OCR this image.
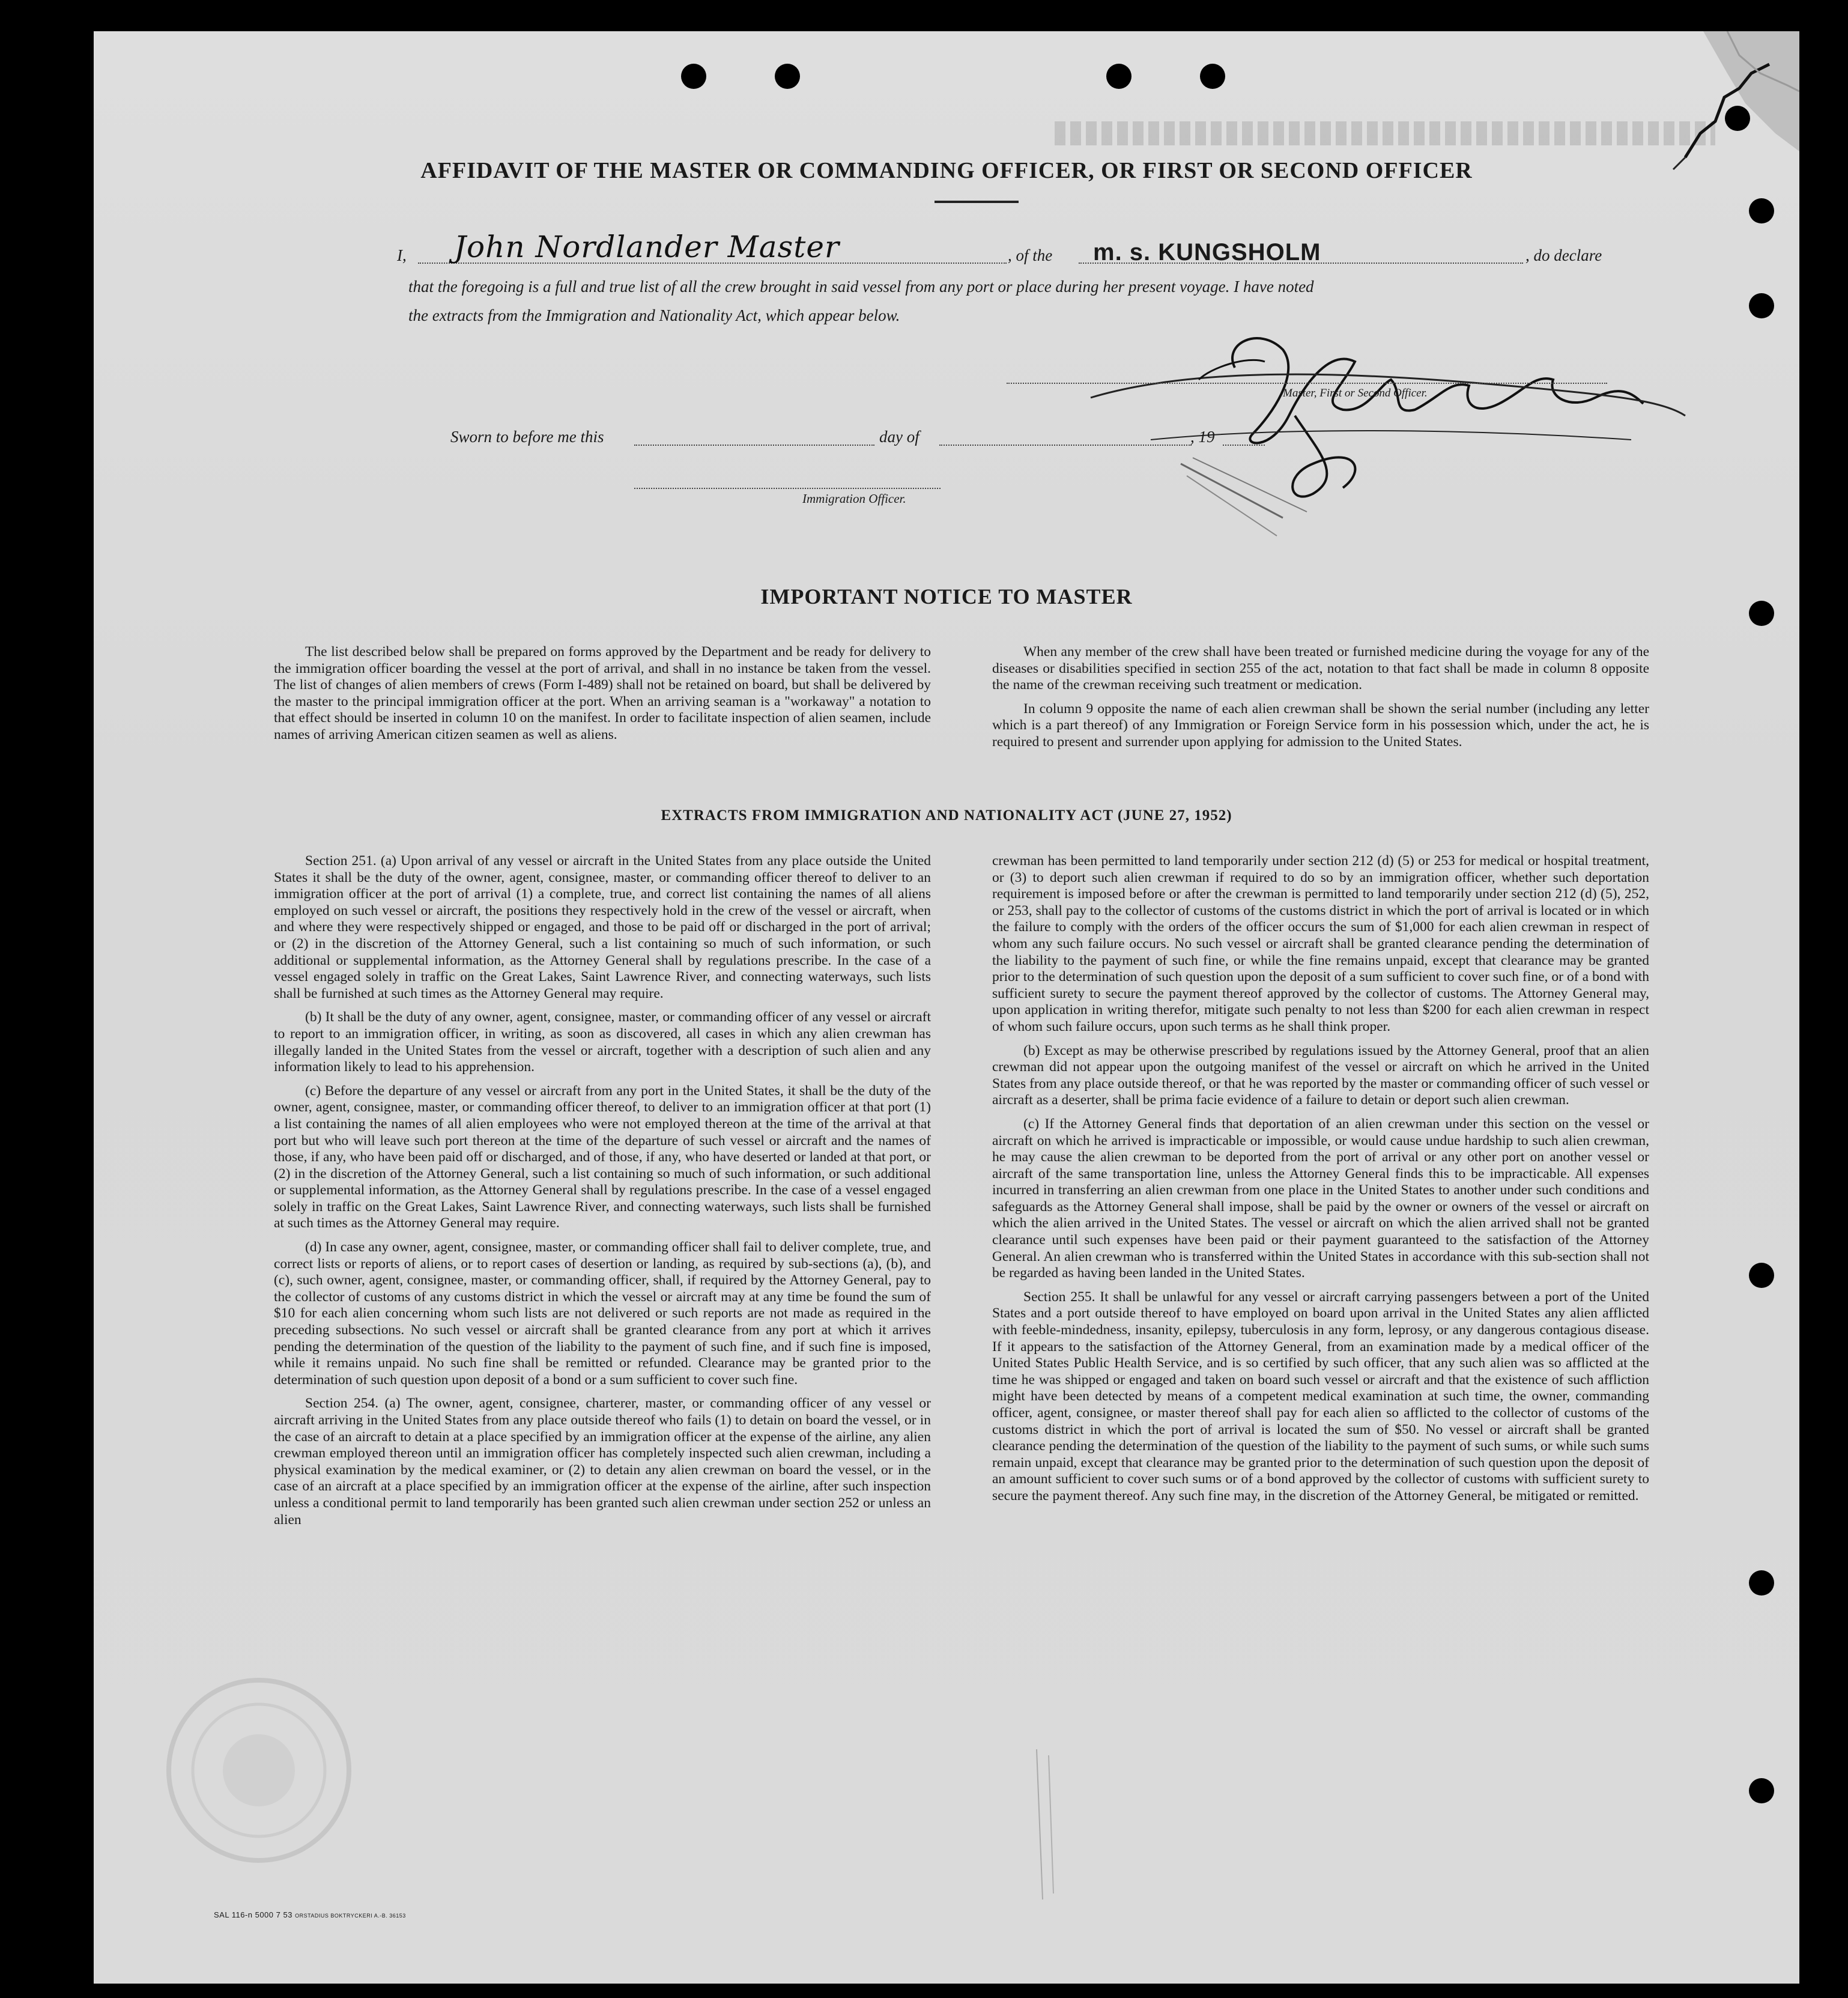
AFFIDAVIT OF THE MASTER OR COMMANDING OFFICER, OR FIRST OR SECOND OFFICER
I, John Nordlander Master	, of the m. s. KUNGSHOLM	, do declare
that the foregoing is a full and true list of all the crew brought in said vessel from any port or place during her present voyage. I have noted
the extracts from the Immigration and Nationality Act, which appear below.
Master, First or Second Officer.
Sworn to before me this	day of	, 19
Immigration Officer.
IMPORTANT NOTICE TO MASTER

The list described below shall be prepared on forms approved by the Department and be ready for delivery to the immigration officer boarding the vessel at the port of arrival, and shall in no instance be taken from the vessel. The list of changes of alien members of crews (Form I-489) shall not be retained on board, but shall be delivered by the master to the principal immigration officer at the port. When an arriving seaman is a "workaway" a notation to that effect should be inserted in column 10 on the manifest. In order to facilitate inspection of alien seamen, include names of arriving American citizen seamen as well as aliens.

When any member of the crew shall have been treated or furnished medicine during the voyage for any of the diseases or disabilities specified in section 255 of the act, notation to that fact shall be made in column 8 opposite the name of the crewman receiving such treatment or medication.

In column 9 opposite the name of each alien crewman shall be shown the serial number (including any letter which is a part thereof) of any Immigration or Foreign Service form in his possession which, under the act, he is required to present and surrender upon applying for admission to the United States.

EXTRACTS FROM IMMIGRATION AND NATIONALITY ACT (JUNE 27, 1952)

Section 251. (a) Upon arrival of any vessel or aircraft in the United States from any place outside the United States it shall be the duty of the owner, agent, consignee, master, or commanding officer thereof to deliver to an immigration officer at the port of arrival (1) a complete, true, and correct list containing the names of all aliens employed on such vessel or aircraft, the positions they respectively hold in the crew of the vessel or aircraft, when and where they were respectively shipped or engaged, and those to be paid off or discharged in the port of arrival; or (2) in the discretion of the Attorney General, such a list containing so much of such information, or such additional or supplemental information, as the Attorney General shall by regulations prescribe. In the case of a vessel engaged solely in traffic on the Great Lakes, Saint Lawrence River, and connecting waterways, such lists shall be furnished at such times as the Attorney General may require.

(b) It shall be the duty of any owner, agent, consignee, master, or commanding officer of any vessel or aircraft to report to an immigration officer, in writing, as soon as discovered, all cases in which any alien crewman has illegally landed in the United States from the vessel or aircraft, together with a description of such alien and any information likely to lead to his apprehension.

(c) Before the departure of any vessel or aircraft from any port in the United States, it shall be the duty of the owner, agent, consignee, master, or commanding officer thereof, to deliver to an immigration officer at that port (1) a list containing the names of all alien employees who were not employed thereon at the time of the arrival at that port but who will leave such port thereon at the time of the departure of such vessel or aircraft and the names of those, if any, who have been paid off or discharged, and of those, if any, who have deserted or landed at that port, or (2) in the discretion of the Attorney General, such a list containing so much of such information, or such additional or supplemental information, as the Attorney General shall by regulations prescribe. In the case of a vessel engaged solely in traffic on the Great Lakes, Saint Lawrence River, and connecting waterways, such lists shall be furnished at such times as the Attorney General may require.

(d) In case any owner, agent, consignee, master, or commanding officer shall fail to deliver complete, true, and correct lists or reports of aliens, or to report cases of desertion or landing, as required by sub-sections (a), (b), and (c), such owner, agent, consignee, master, or commanding officer, shall, if required by the Attorney General, pay to the collector of customs of any customs district in which the vessel or aircraft may at any time be found the sum of $10 for each alien concerning whom such lists are not delivered or such reports are not made as required in the preceding subsections. No such vessel or aircraft shall be granted clearance from any port at which it arrives pending the determination of the question of the liability to the payment of such fine, and if such fine is imposed, while it remains unpaid. No such fine shall be remitted or refunded. Clearance may be granted prior to the determination of such question upon deposit of a bond or a sum sufficient to cover such fine.

Section 254. (a) The owner, agent, consignee, charterer, master, or commanding officer of any vessel or aircraft arriving in the United States from any place outside thereof who fails (1) to detain on board the vessel, or in the case of an aircraft to detain at a place specified by an immigration officer at the expense of the airline, any alien crewman employed thereon until an immigration officer has completely inspected such alien crewman, including a physical examination by the medical examiner, or (2) to detain any alien crewman on board the vessel, or in the case of an aircraft at a place specified by an immigration officer at the expense of the airline, after such inspection unless a conditional permit to land temporarily has been granted such alien crewman under section 252 or unless an alien

crewman has been permitted to land temporarily under section 212 (d) (5) or 253 for medical or hospital treatment, or (3) to deport such alien crewman if required to do so by an immigration officer, whether such deportation requirement is imposed before or after the crewman is permitted to land temporarily under section 212 (d) (5), 252, or 253, shall pay to the collector of customs of the customs district in which the port of arrival is located or in which the failure to comply with the orders of the officer occurs the sum of $1,000 for each alien crewman in respect of whom any such failure occurs. No such vessel or aircraft shall be granted clearance pending the determination of the liability to the payment of such fine, or while the fine remains unpaid, except that clearance may be granted prior to the determination of such question upon the deposit of a sum sufficient to cover such fine, or of a bond with sufficient surety to secure the payment thereof approved by the collector of customs. The Attorney General may, upon application in writing therefor, mitigate such penalty to not less than $200 for each alien crewman in respect of whom such failure occurs, upon such terms as he shall think proper.

(b) Except as may be otherwise prescribed by regulations issued by the Attorney General, proof that an alien crewman did not appear upon the outgoing manifest of the vessel or aircraft on which he arrived in the United States from any place outside thereof, or that he was reported by the master or commanding officer of such vessel or aircraft as a deserter, shall be prima facie evidence of a failure to detain or deport such alien crewman.

(c) If the Attorney General finds that deportation of an alien crewman under this section on the vessel or aircraft on which he arrived is impracticable or impossible, or would cause undue hardship to such alien crewman, he may cause the alien crewman to be deported from the port of arrival or any other port on another vessel or aircraft of the same transportation line, unless the Attorney General finds this to be impracticable. All expenses incurred in transferring an alien crewman from one place in the United States to another under such conditions and safeguards as the Attorney General shall impose, shall be paid by the owner or owners of the vessel or aircraft on which the alien arrived in the United States. The vessel or aircraft on which the alien arrived shall not be granted clearance until such expenses have been paid or their payment guaranteed to the satisfaction of the Attorney General. An alien crewman who is transferred within the United States in accordance with this sub-section shall not be regarded as having been landed in the United States.

Section 255. It shall be unlawful for any vessel or aircraft carrying passengers between a port of the United States and a port outside thereof to have employed on board upon arrival in the United States any alien afflicted with feeble-mindedness, insanity, epilepsy, tuberculosis in any form, leprosy, or any dangerous contagious disease. If it appears to the satisfaction of the Attorney General, from an examination made by a medical officer of the United States Public Health Service, and is so certified by such officer, that any such alien was so afflicted at the time he was shipped or engaged and taken on board such vessel or aircraft and that the existence of such affliction might have been detected by means of a competent medical examination at such time, the owner, commanding officer, agent, consignee, or master thereof shall pay for each alien so afflicted to the collector of customs of the customs district in which the port of arrival is located the sum of $50. No vessel or aircraft shall be granted clearance pending the determination of the question of the liability to the payment of such sums, or while such sums remain unpaid, except that clearance may be granted prior to the determination of such question upon the deposit of an amount sufficient to cover such sums or of a bond approved by the collector of customs with sufficient surety to secure the payment thereof. Any such fine may, in the discretion of the Attorney General, be mitigated or remitted.

SAL 116-n 5000 7 53 ORSTADIUS BOKTRYCKERI A.-B. 36153
